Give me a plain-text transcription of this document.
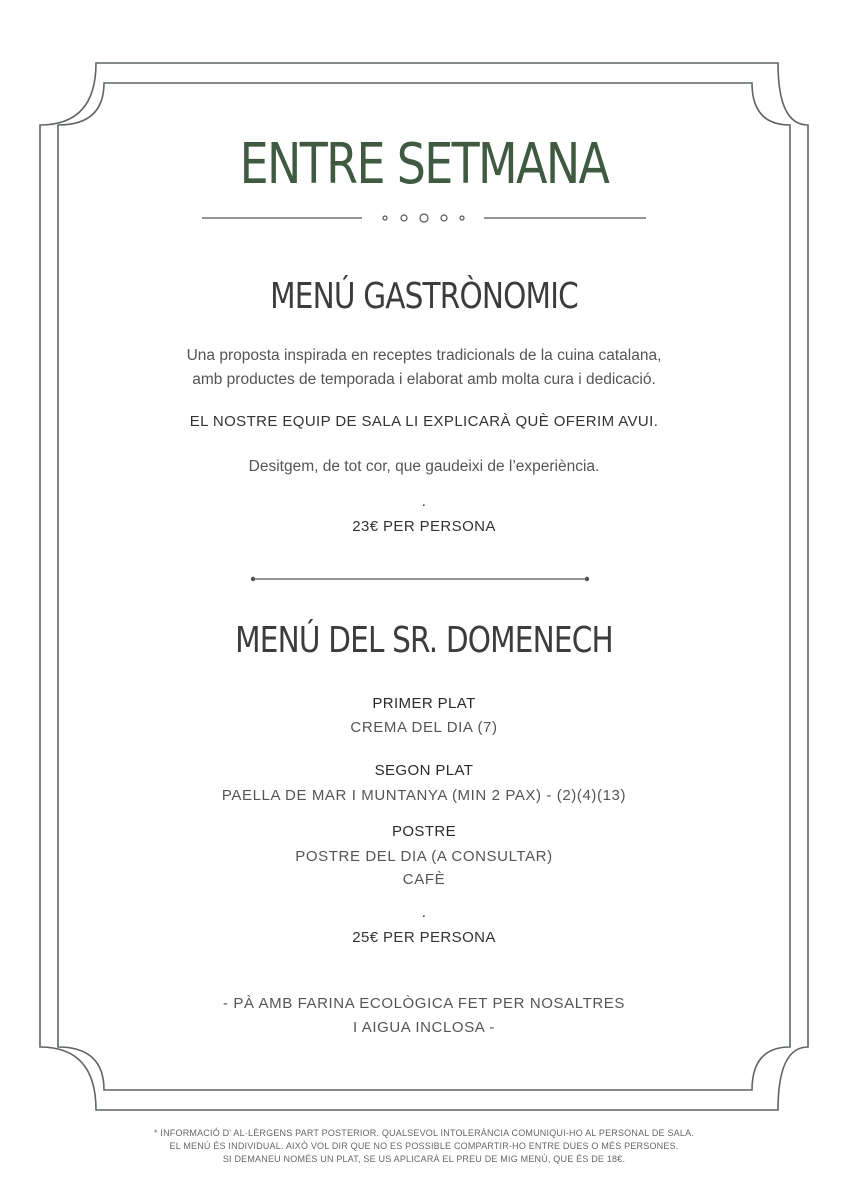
ENTRE SETMANA
MENÚ GASTRÒNOMIC
Una proposta inspirada en receptes tradicionals de la cuina catalana,
amb productes de temporada i elaborat amb molta cura i dedicació.
EL NOSTRE EQUIP DE SALA LI EXPLICARÀ QUÈ OFERIM AVUI.
Desitgem, de tot cor, que gaudeixi de l’experiència.
.
23€ PER PERSONA
MENÚ DEL SR. DOMENECH
PRIMER PLAT
CREMA DEL DIA (7)
SEGON PLAT
PAELLA DE MAR I MUNTANYA (MIN 2 PAX) - (2)(4)(13)
POSTRE
POSTRE DEL DIA (A CONSULTAR)
CAFÈ
.
25€ PER PERSONA
- PÀ AMB FARINA ECOLÒGICA FET PER NOSALTRES
I AIGUA INCLOSA -
* INFORMACIÓ D' AL·LÈRGENS PART POSTERIOR. QUALSEVOL INTOLERÀNCIA COMUNIQUI-HO AL PERSONAL DE SALA.
EL MENÚ ÉS INDIVIDUAL. AIXÒ VOL DIR QUE NO ES POSSIBLE COMPARTIR-HO ENTRE DUES O MÉS PERSONES.
SI DEMANEU NOMÉS UN PLAT, SE US APLICARÀ EL PREU DE MIG MENÚ, QUE ÉS DE 18€.
